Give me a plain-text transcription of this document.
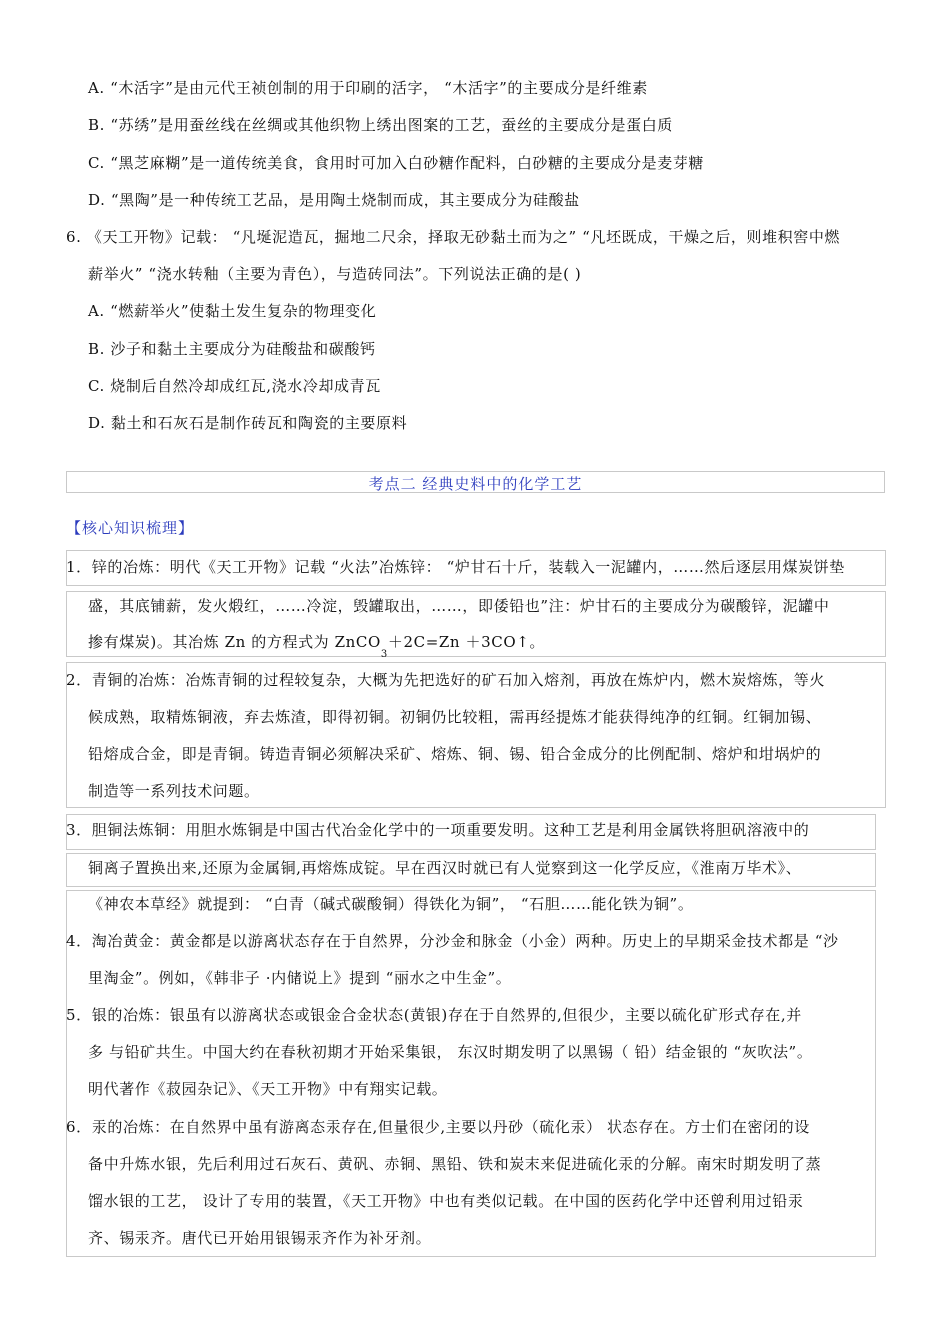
A. “木活字”是由元代王祯创制的用于印刷的活字， “木活字”的主要成分是纤维素
B. “苏绣”是用蚕丝线在丝绸或其他织物上绣出图案的工艺，蚕丝的主要成分是蛋白质
C. “黑芝麻糊”是一道传统美食，食用时可加入白砂糖作配料，白砂糖的主要成分是麦芽糖
D. “黑陶”是一种传统工艺品，是用陶土烧制而成，其主要成分为硅酸盐
6. 《天工开物》记载： “凡埏泥造瓦，掘地二尺余，择取无砂黏土而为之” “凡坯既成，干燥之后，则堆积窖中燃
薪举火” “浇水转釉（主要为青色），与造砖同法”。下列说法正确的是( )
A. “燃薪举火”使黏土发生复杂的物理变化
B. 沙子和黏土主要成分为硅酸盐和碳酸钙
C. 烧制后自然冷却成红瓦,浇水冷却成青瓦
D. 黏土和石灰石是制作砖瓦和陶瓷的主要原料
考点二 经典史料中的化学工艺
【核心知识梳理】
1．锌的冶炼：明代《天工开物》记载 “火法”冶炼锌： “炉甘石十斤，装载入一泥罐内，……然后逐层用煤炭饼垫
盛，其底铺薪，发火煅红，……冷淀，毁罐取出，……，即倭铅也”注：炉甘石的主要成分为碳酸锌，泥罐中
掺有煤炭)。其冶炼 Zn 的方程式为 ZnCO$_3$＋2C=Zn ＋3CO↑。
2．青铜的冶炼：冶炼青铜的过程较复杂，大概为先把选好的矿石加入熔剂，再放在炼炉内，燃木炭熔炼，等火
候成熟，取精炼铜液，弃去炼渣，即得初铜。初铜仍比较粗，需再经提炼才能获得纯净的红铜。红铜加锡、
铅熔成合金，即是青铜。铸造青铜必须解决采矿、熔炼、铜、锡、铅合金成分的比例配制、熔炉和坩埚炉的
制造等一系列技术问题。
3．胆铜法炼铜：用胆水炼铜是中国古代冶金化学中的一项重要发明。这种工艺是利用金属铁将胆矾溶液中的
铜离子置换出来,还原为金属铜,再熔炼成锭。早在西汉时就已有人觉察到这一化学反应，《淮南万毕术》、
《神农本草经》就提到： “白青（碱式碳酸铜）得铁化为铜”， “石胆……能化铁为铜”。
4．淘冶黄金：黄金都是以游离状态存在于自然界，分沙金和脉金（小金）两种。历史上的早期采金技术都是 “沙
里淘金”。例如，《韩非子 ·内储说上》提到 “丽水之中生金”。
5．银的冶炼：银虽有以游离状态或银金合金状态(黄银)存在于自然界的,但很少，主要以硫化矿形式存在,并
多 与铅矿共生。中国大约在春秋初期才开始采集银， 东汉时期发明了以黑锡（ 铅）结金银的 “灰吹法”。
明代著作《菽园杂记》、《天工开物》中有翔实记载。
6．汞的冶炼：在自然界中虽有游离态汞存在,但量很少,主要以丹砂（硫化汞） 状态存在。方士们在密闭的设
备中升炼水银，先后利用过石灰石、黄矾、赤铜、黑铅、铁和炭末来促进硫化汞的分解。南宋时期发明了蒸
馏水银的工艺， 设计了专用的装置，《天工开物》中也有类似记载。在中国的医药化学中还曾利用过铅汞
齐、锡汞齐。唐代已开始用银锡汞齐作为补牙剂。
